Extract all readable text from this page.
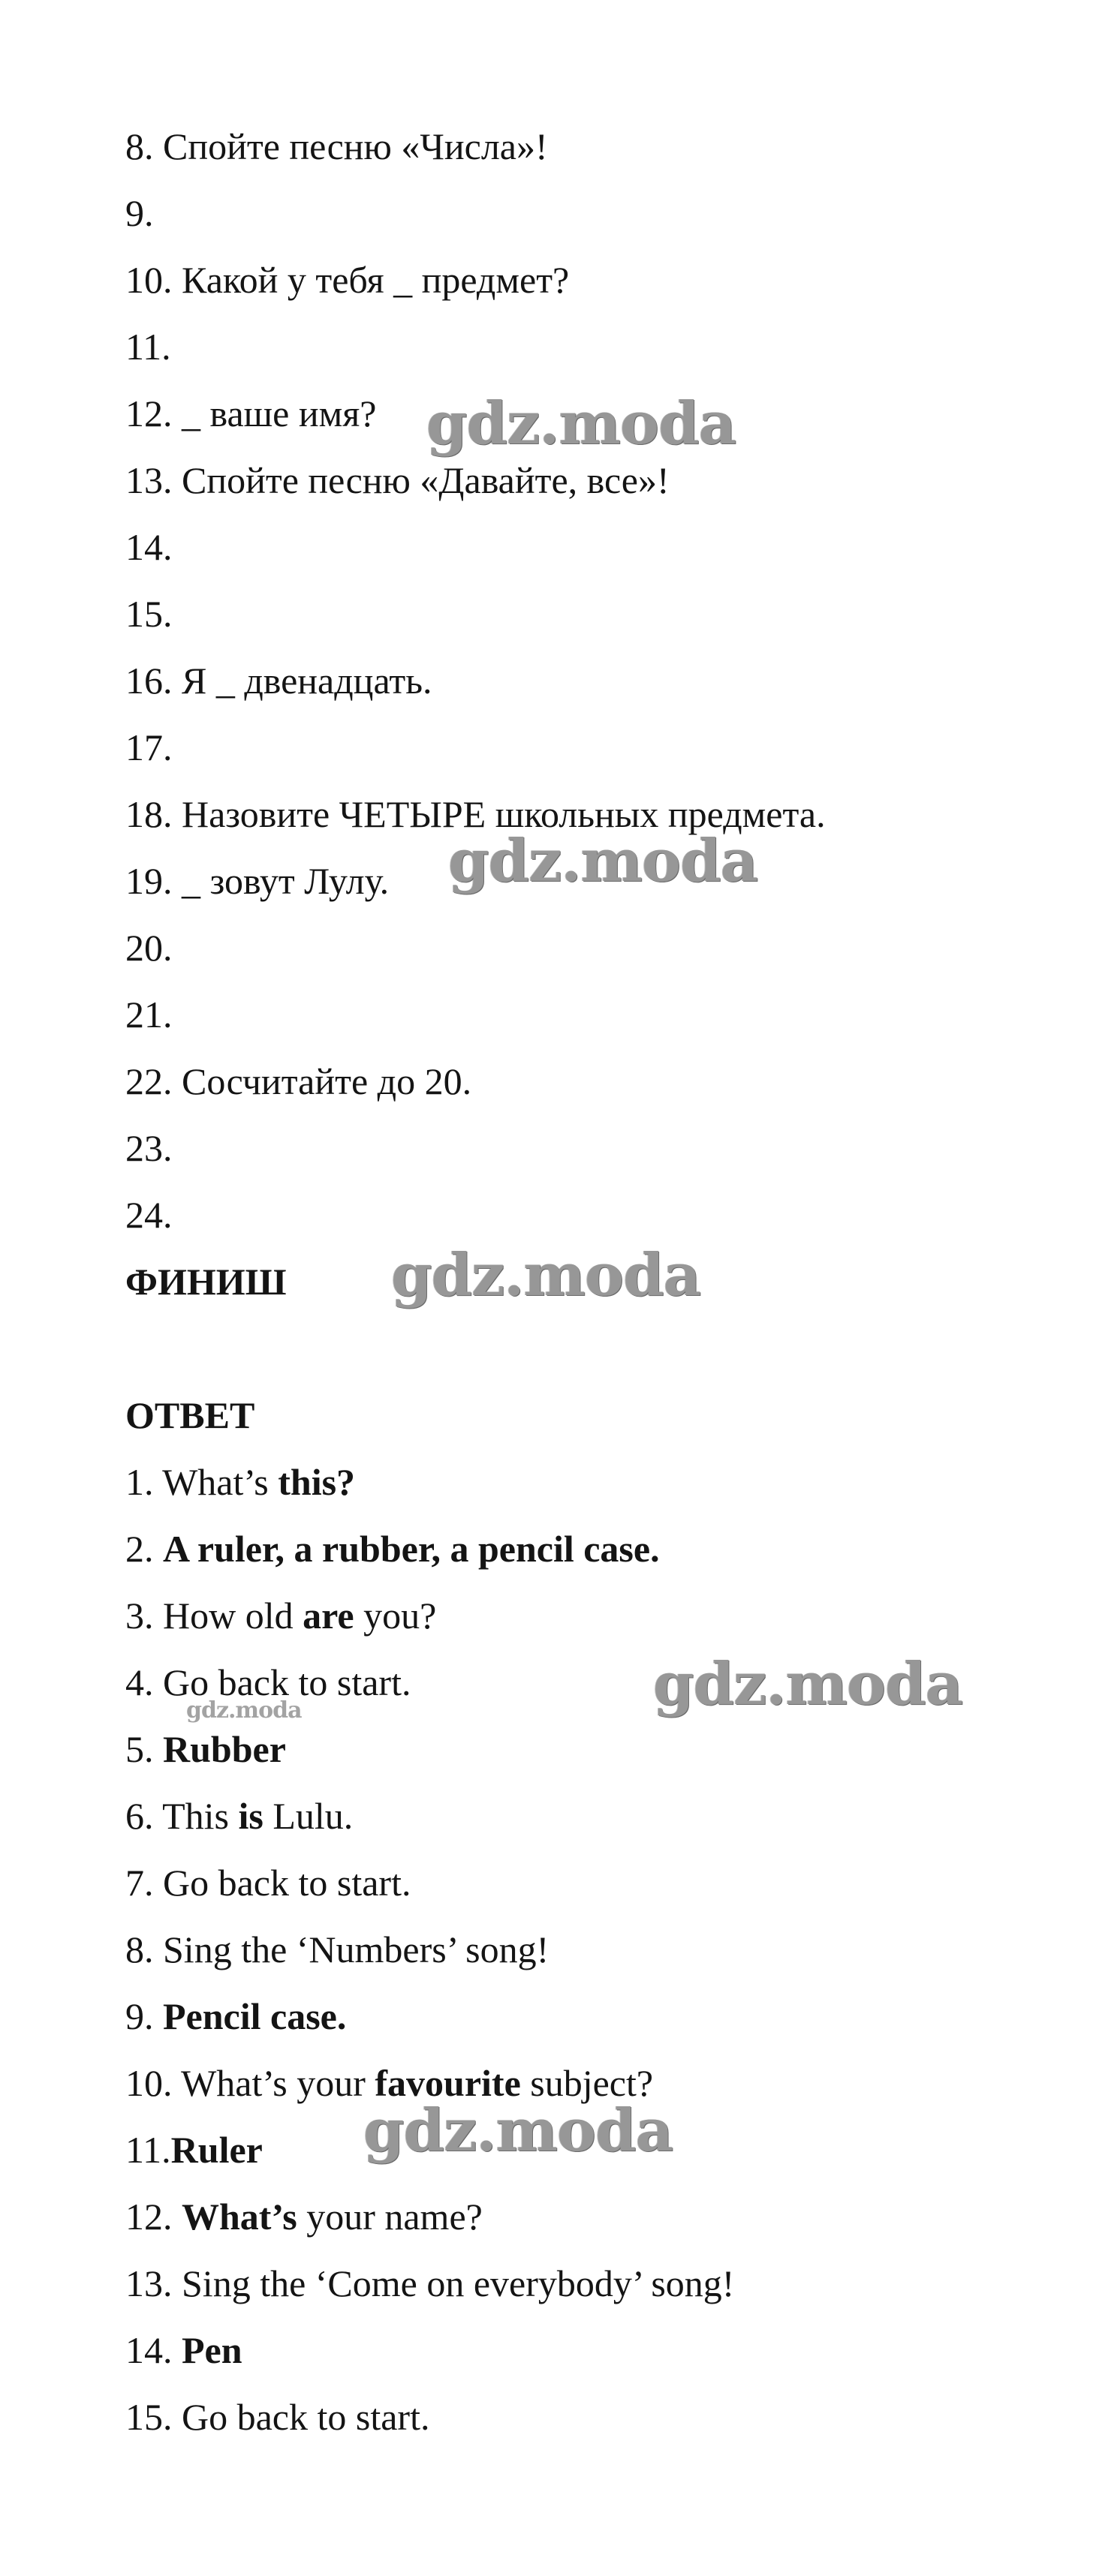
8. Спойте песню «Числа»!

9.

10. Какой у тебя _ предмет?

11.

12. _ ваше имя?

13. Спойте песню «Давайте, все»!

14.

15.

16. Я _ двенадцать.

17.

18. Назовите ЧЕТЫРЕ школьных предмета.

19. _ зовут Лулу.

20.

21.

22. Сосчитайте до 20.

23.

24.

ФИНИШ

ОТВЕТ

1. What’s this?

2. A ruler, a rubber, a pencil case.

3. How old are you?

4. Go back to start.

5. Rubber

6. This is Lulu.

7. Go back to start.

8. Sing the ‘Numbers’ song!

9. Pencil case.

10. What’s your favourite subject?

11.Ruler

12. What’s your name?

13. Sing the ‘Come on everybody’ song!

14. Pen

15. Go back to start.

gdz.moda
gdz.moda
gdz.moda
gdz.moda
gdz.moda
gdz.moda
